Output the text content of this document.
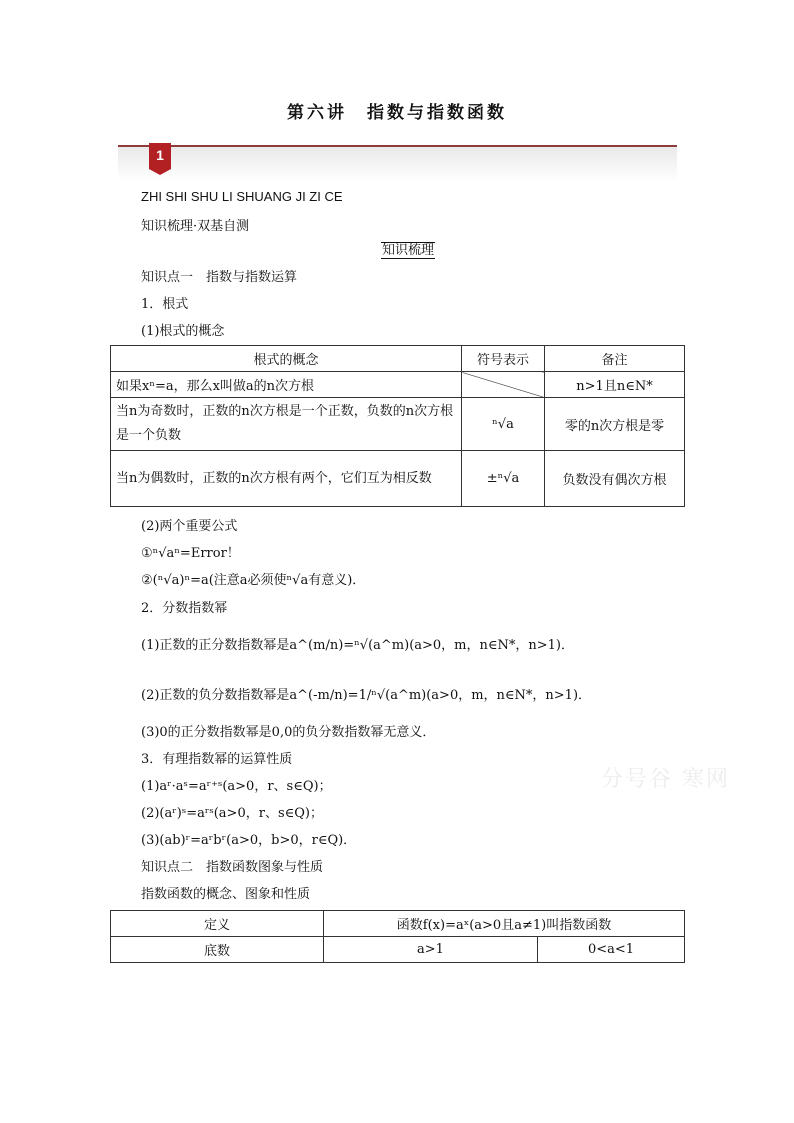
第六讲　指数与指数函数
1
ZHI SHI SHU LI SHUANG JI ZI CE
知识梳理·双基自测
知识梳理
知识点一　指数与指数运算
1．根式
(1)根式的概念
根式的概念	符号表示	备注
如果xⁿ=a，那么x叫做a的n次方根		n>1且n∈N*
当n为奇数时，正数的n次方根是一个正数，负数的n次方根是一个负数	ⁿ√a	零的n次方根是零
当n为偶数时，正数的n次方根有两个，它们互为相反数	±ⁿ√a	负数没有偶次方根
(2)两个重要公式
①ⁿ√aⁿ=Error！
②(ⁿ√a)ⁿ=a(注意a必须使ⁿ√a有意义)．
2．分数指数幂
(1)正数的正分数指数幂是a^(m/n)=ⁿ√(a^m)(a>0，m，n∈N*，n>1)．
(2)正数的负分数指数幂是a^(-m/n)=1/ⁿ√(a^m)(a>0，m，n∈N*，n>1)．
(3)0的正分数指数幂是0,0的负分数指数幂无意义．
3．有理指数幂的运算性质
(1)aʳ·aˢ=aʳ⁺ˢ(a>0，r、s∈Q)；
(2)(aʳ)ˢ=aʳˢ(a>0，r、s∈Q)；
(3)(ab)ʳ=aʳbʳ(a>0，b>0，r∈Q)．
知识点二　指数函数图象与性质
指数函数的概念、图象和性质
定义	函数f(x)=aˣ(a>0且a≠1)叫指数函数	
底数	a>1	0<a<1
分号谷 寒网
